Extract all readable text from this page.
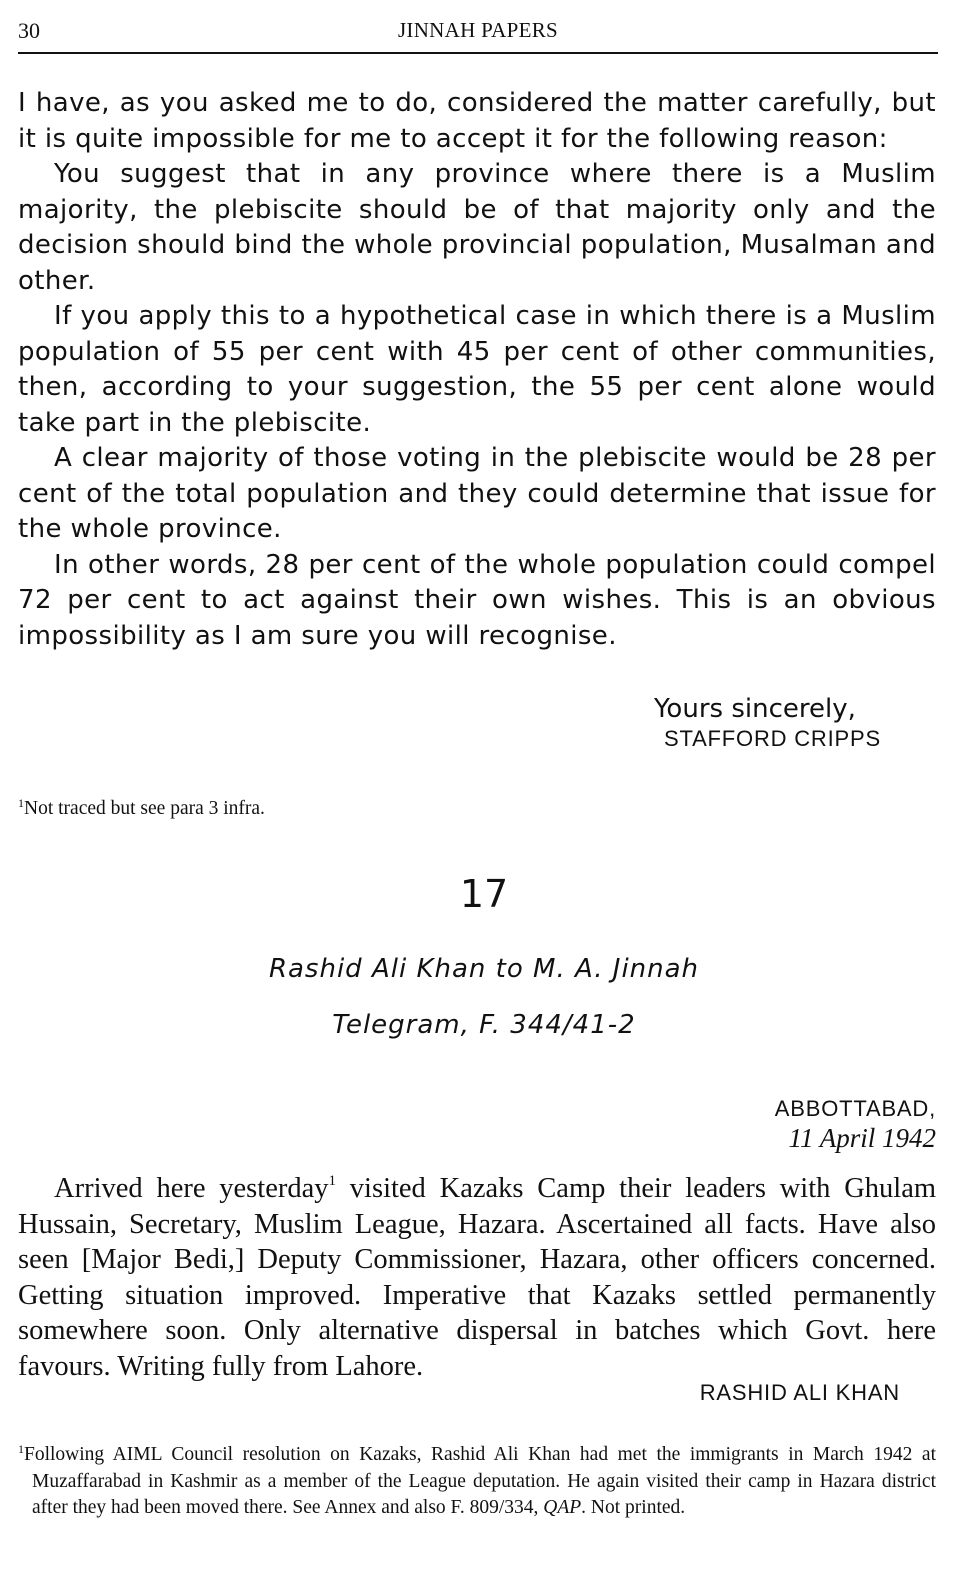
30	JINNAH PAPERS

I have, as you asked me to do, considered the matter carefully, but it is quite impossible for me to accept it for the following reason:

You suggest that in any province where there is a Muslim majority, the plebiscite should be of that majority only and the decision should bind the whole provincial population, Musalman and other.

If you apply this to a hypothetical case in which there is a Muslim population of 55 per cent with 45 per cent of other communities, then, according to your suggestion, the 55 per cent alone would take part in the plebiscite.

A clear majority of those voting in the plebiscite would be 28 per cent of the total population and they could determine that issue for the whole province.

In other words, 28 per cent of the whole population could compel 72 per cent to act against their own wishes. This is an obvious impossibility as I am sure you will recognise.

Yours sincerely,
STAFFORD CRIPPS
$^1$Not traced but see para 3 infra.
17
Rashid Ali Khan to M. A. Jinnah
Telegram, F. 344/41-2
ABBOTTABAD,
11 April 1942

Arrived here yesterday$^1$ visited Kazaks Camp their leaders with Ghulam Hussain, Secretary, Muslim League, Hazara. Ascertained all facts. Have also seen [Major Bedi,] Deputy Commissioner, Hazara, other officers concerned. Getting situation improved. Imperative that Kazaks settled permanently somewhere soon. Only alternative dispersal in batches which Govt. here favours. Writing fully from Lahore.

RASHID ALI KHAN

$^1$Following AIML Council resolution on Kazaks, Rashid Ali Khan had met the immigrants in March 1942 at Muzaffarabad in Kashmir as a member of the League deputation. He again visited their camp in Hazara district after they had been moved there. See Annex and also F. 809/334, QAP. Not printed.
